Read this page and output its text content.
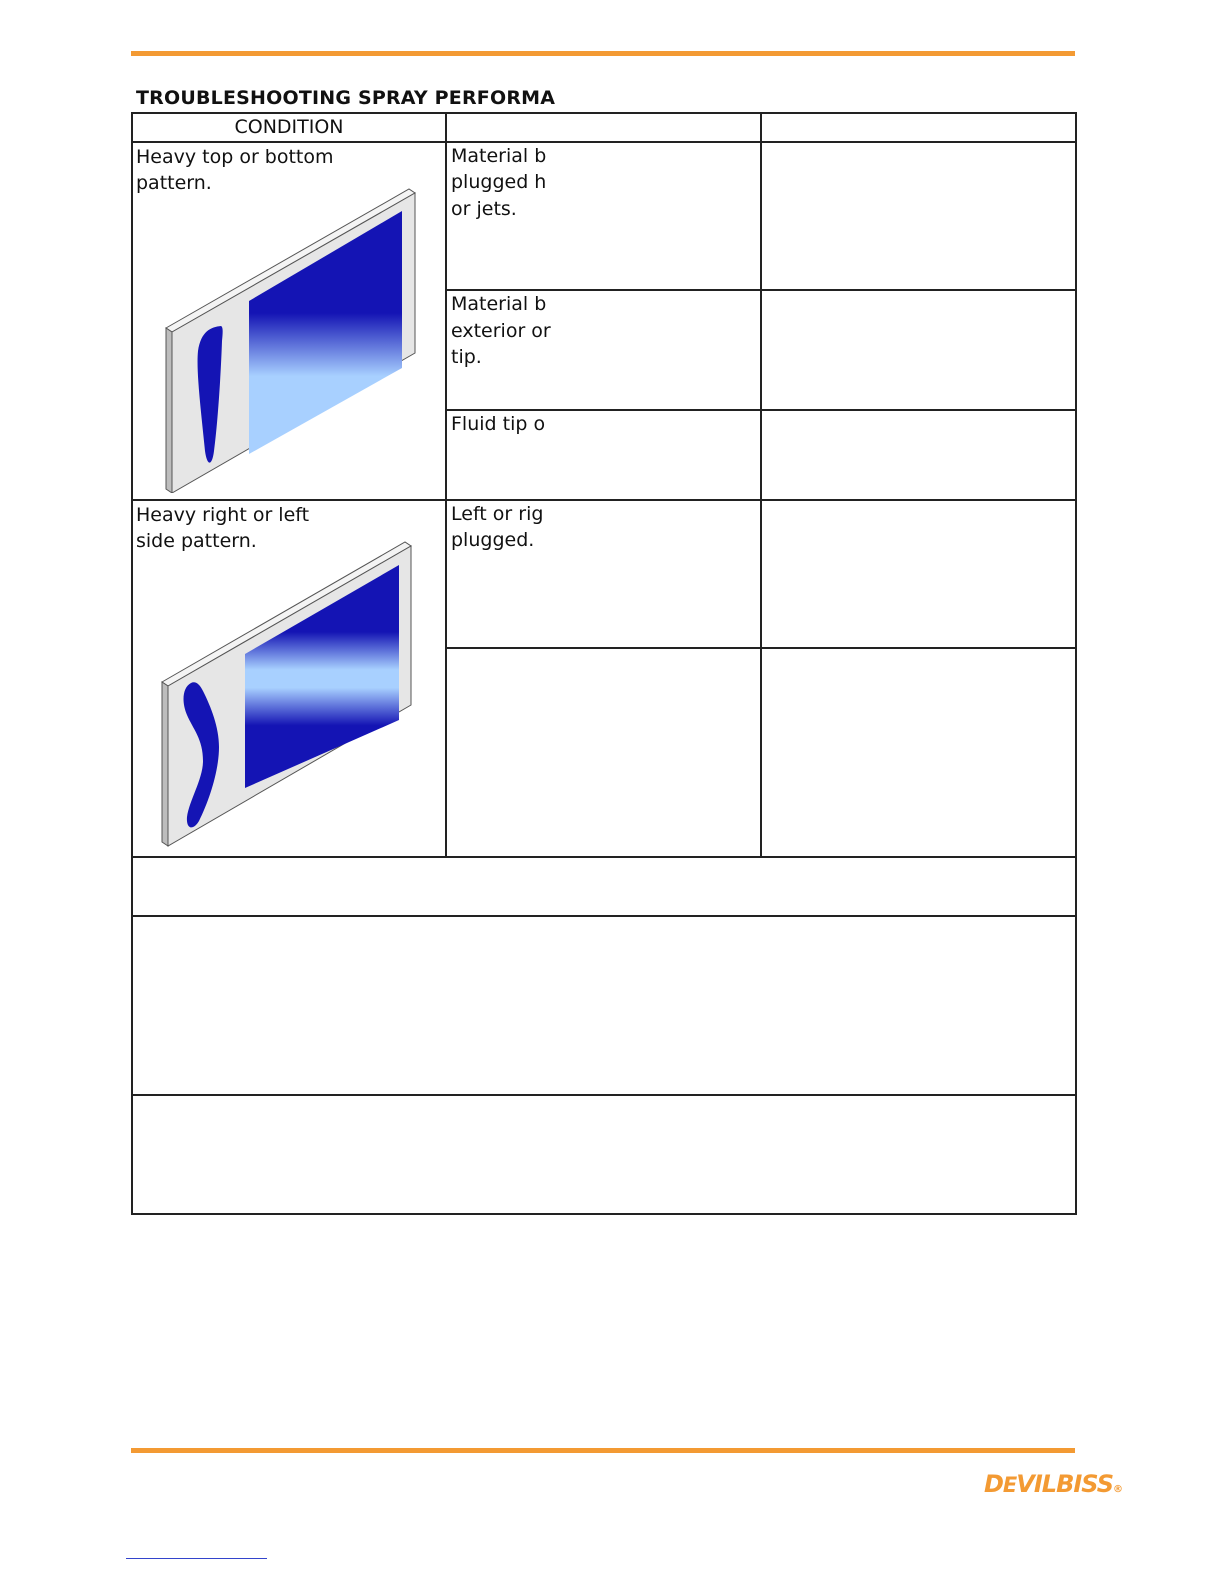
TROUBLESHOOTING SPRAY PERFORMA
CONDITION		

Heavy top or bottom
pattern.	Material b
plugged h
or jets.	

	Material b
exterior or
tip.	

	Fluid tip o	

Heavy right or left
side pattern.	Left or rig
plugged.	

DEVILBISS®
